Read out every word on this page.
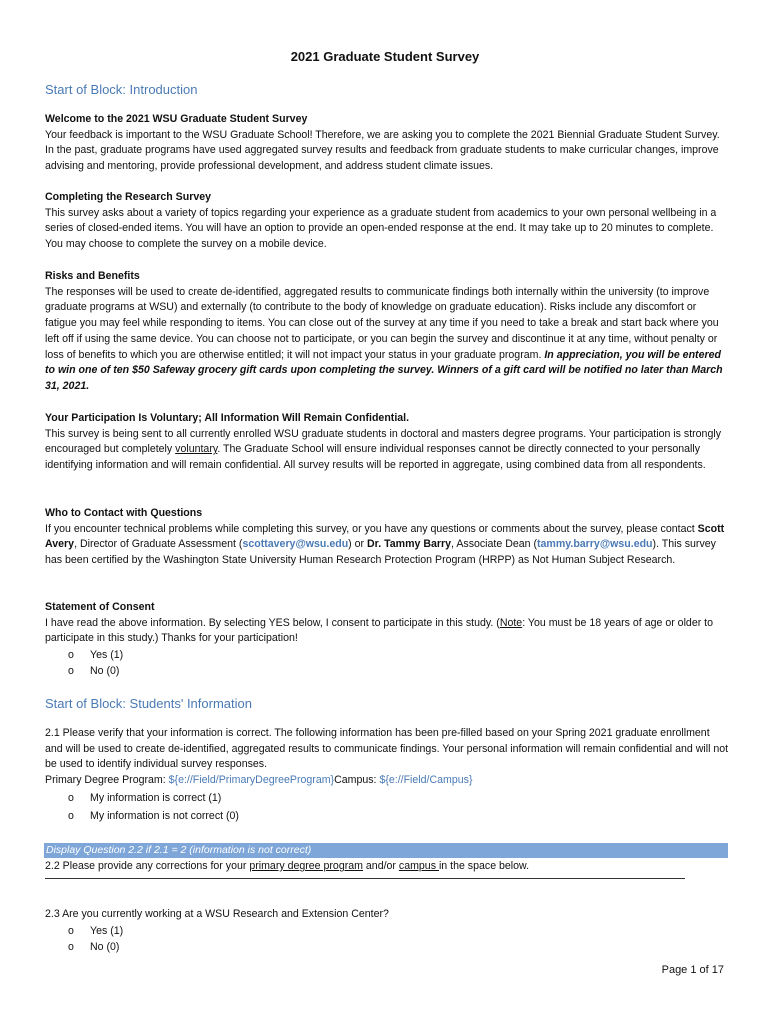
2021 Graduate Student Survey
Start of Block: Introduction
Welcome to the 2021 WSU Graduate Student Survey

Your feedback is important to the WSU Graduate School! Therefore, we are asking you to complete the 2021 Biennial Graduate Student Survey. In the past, graduate programs have used aggregated survey results and feedback from graduate students to make curricular changes, improve advising and mentoring, provide professional development, and address student climate issues.

Completing the Research Survey

This survey asks about a variety of topics regarding your experience as a graduate student from academics to your own personal wellbeing in a series of closed-ended items. You will have an option to provide an open-ended response at the end. It may take up to 20 minutes to complete. You may choose to complete the survey on a mobile device.

Risks and Benefits

The responses will be used to create de-identified, aggregated results to communicate findings both internally within the university (to improve graduate programs at WSU) and externally (to contribute to the body of knowledge on graduate education). Risks include any discomfort or fatigue you may feel while responding to items. You can close out of the survey at any time if you need to take a break and start back where you left off if using the same device. You can choose not to participate, or you can begin the survey and discontinue it at any time, without penalty or loss of benefits to which you are otherwise entitled; it will not impact your status in your graduate program. In appreciation, you will be entered to win one of ten $50 Safeway grocery gift cards upon completing the survey. Winners of a gift card will be notified no later than March 31, 2021.

Your Participation Is Voluntary; All Information Will Remain Confidential.

This survey is being sent to all currently enrolled WSU graduate students in doctoral and masters degree programs. Your participation is strongly encouraged but completely voluntary. The Graduate School will ensure individual responses cannot be directly connected to your personally identifying information and will remain confidential. All survey results will be reported in aggregate, using combined data from all respondents.

Who to Contact with Questions

If you encounter technical problems while completing this survey, or you have any questions or comments about the survey, please contact Scott Avery, Director of Graduate Assessment (scottavery@wsu.edu) or Dr. Tammy Barry, Associate Dean (tammy.barry@wsu.edu). This survey has been certified by the Washington State University Human Research Protection Program (HRPP) as Not Human Subject Research.

Statement of Consent

I have read the above information. By selecting YES below, I consent to participate in this study. (Note: You must be 18 years of age or older to participate in this study.) Thanks for your participation!

o Yes (1)
o No (0)
Start of Block: Students' Information

2.1 Please verify that your information is correct. The following information has been pre-filled based on your Spring 2021 graduate enrollment and will be used to create de-identified, aggregated results to communicate findings. Your personal information will remain confidential and will not be used to identify individual survey responses.

Primary Degree Program: ${e://Field/PrimaryDegreeProgram}Campus: ${e://Field/Campus}

o My information is correct (1)
o My information is not correct (0)
Display Question 2.2 if 2.1 = 2 (information is not correct)

2.2 Please provide any corrections for your primary degree program and/or campus in the space below.

2.3 Are you currently working at a WSU Research and Extension Center?

o Yes (1)
o No (0)
Page 1 of 17
